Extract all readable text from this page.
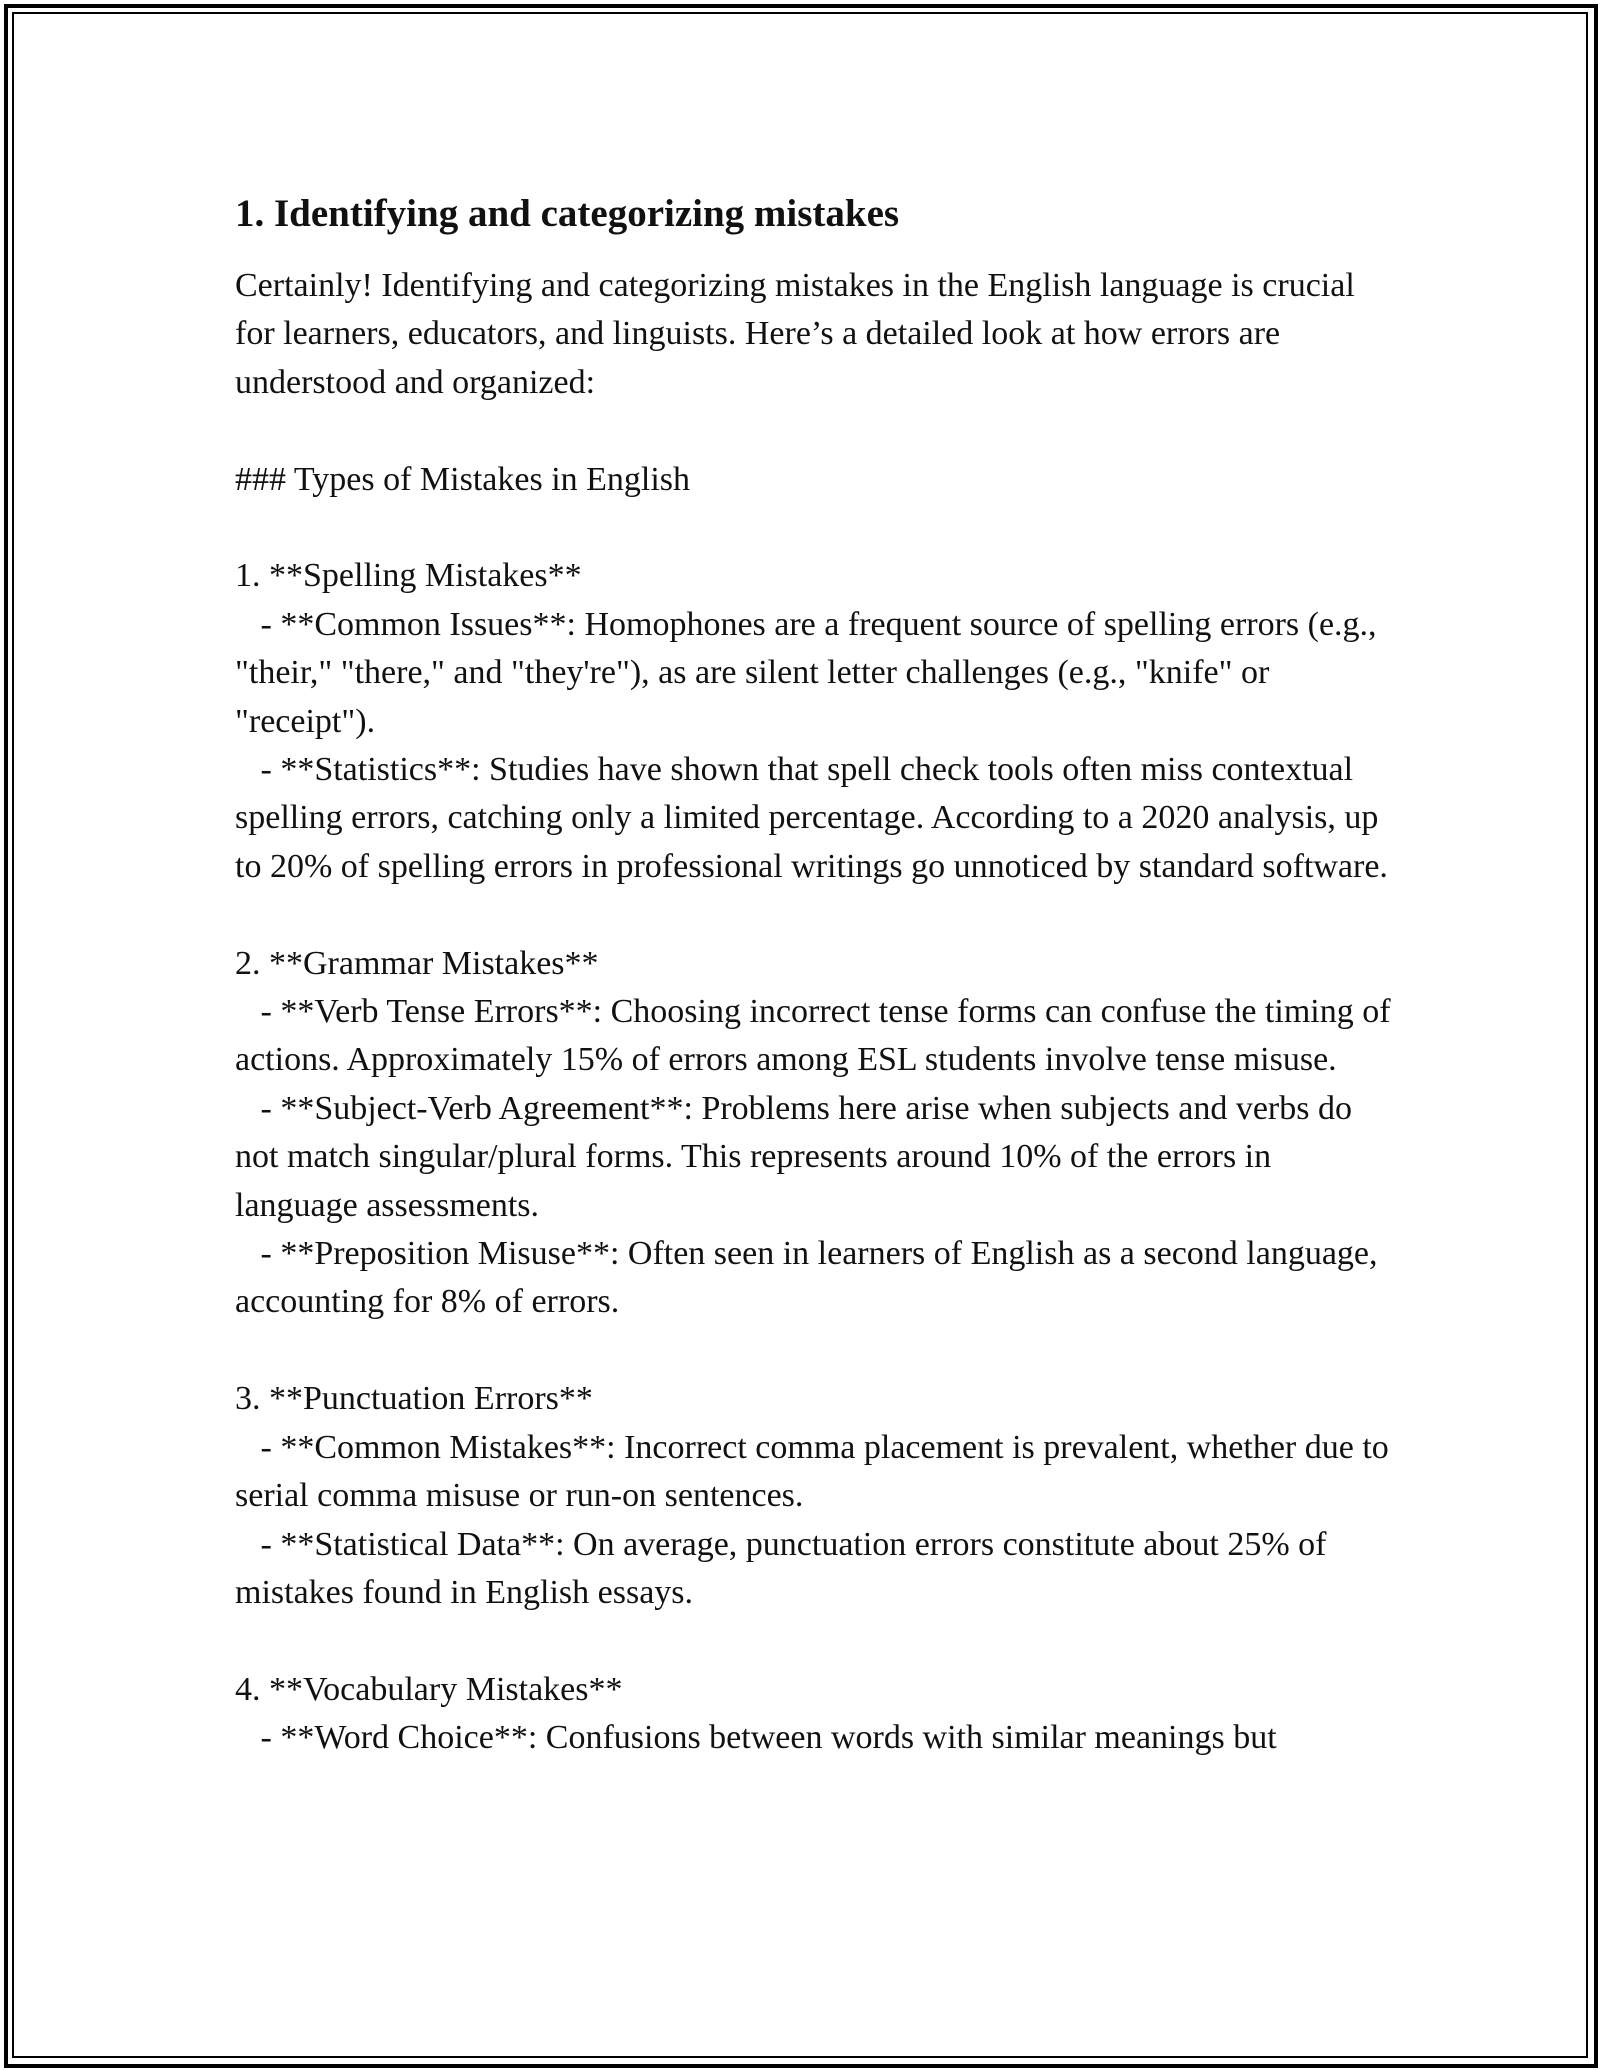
1. Identifying and categorizing mistakes

Certainly! Identifying and categorizing mistakes in the English language is crucial for learners, educators, and linguists. Here’s a detailed look at how errors are understood and organized:

### Types of Mistakes in English

1. **Spelling Mistakes**

- **Common Issues**: Homophones are a frequent source of spelling errors (e.g., "their," "there," and "they're"), as are silent letter challenges (e.g., "knife" or "receipt").

- **Statistics**: Studies have shown that spell check tools often miss contextual spelling errors, catching only a limited percentage. According to a 2020 analysis, up to 20% of spelling errors in professional writings go unnoticed by standard software.

2. **Grammar Mistakes**

- **Verb Tense Errors**: Choosing incorrect tense forms can confuse the timing of actions. Approximately 15% of errors among ESL students involve tense misuse.

- **Subject-Verb Agreement**: Problems here arise when subjects and verbs do not match singular/plural forms. This represents around 10% of the errors in language assessments.

- **Preposition Misuse**: Often seen in learners of English as a second language, accounting for 8% of errors.

3. **Punctuation Errors**

- **Common Mistakes**: Incorrect comma placement is prevalent, whether due to serial comma misuse or run-on sentences.

- **Statistical Data**: On average, punctuation errors constitute about 25% of mistakes found in English essays.

4. **Vocabulary Mistakes**

- **Word Choice**: Confusions between words with similar meanings but
